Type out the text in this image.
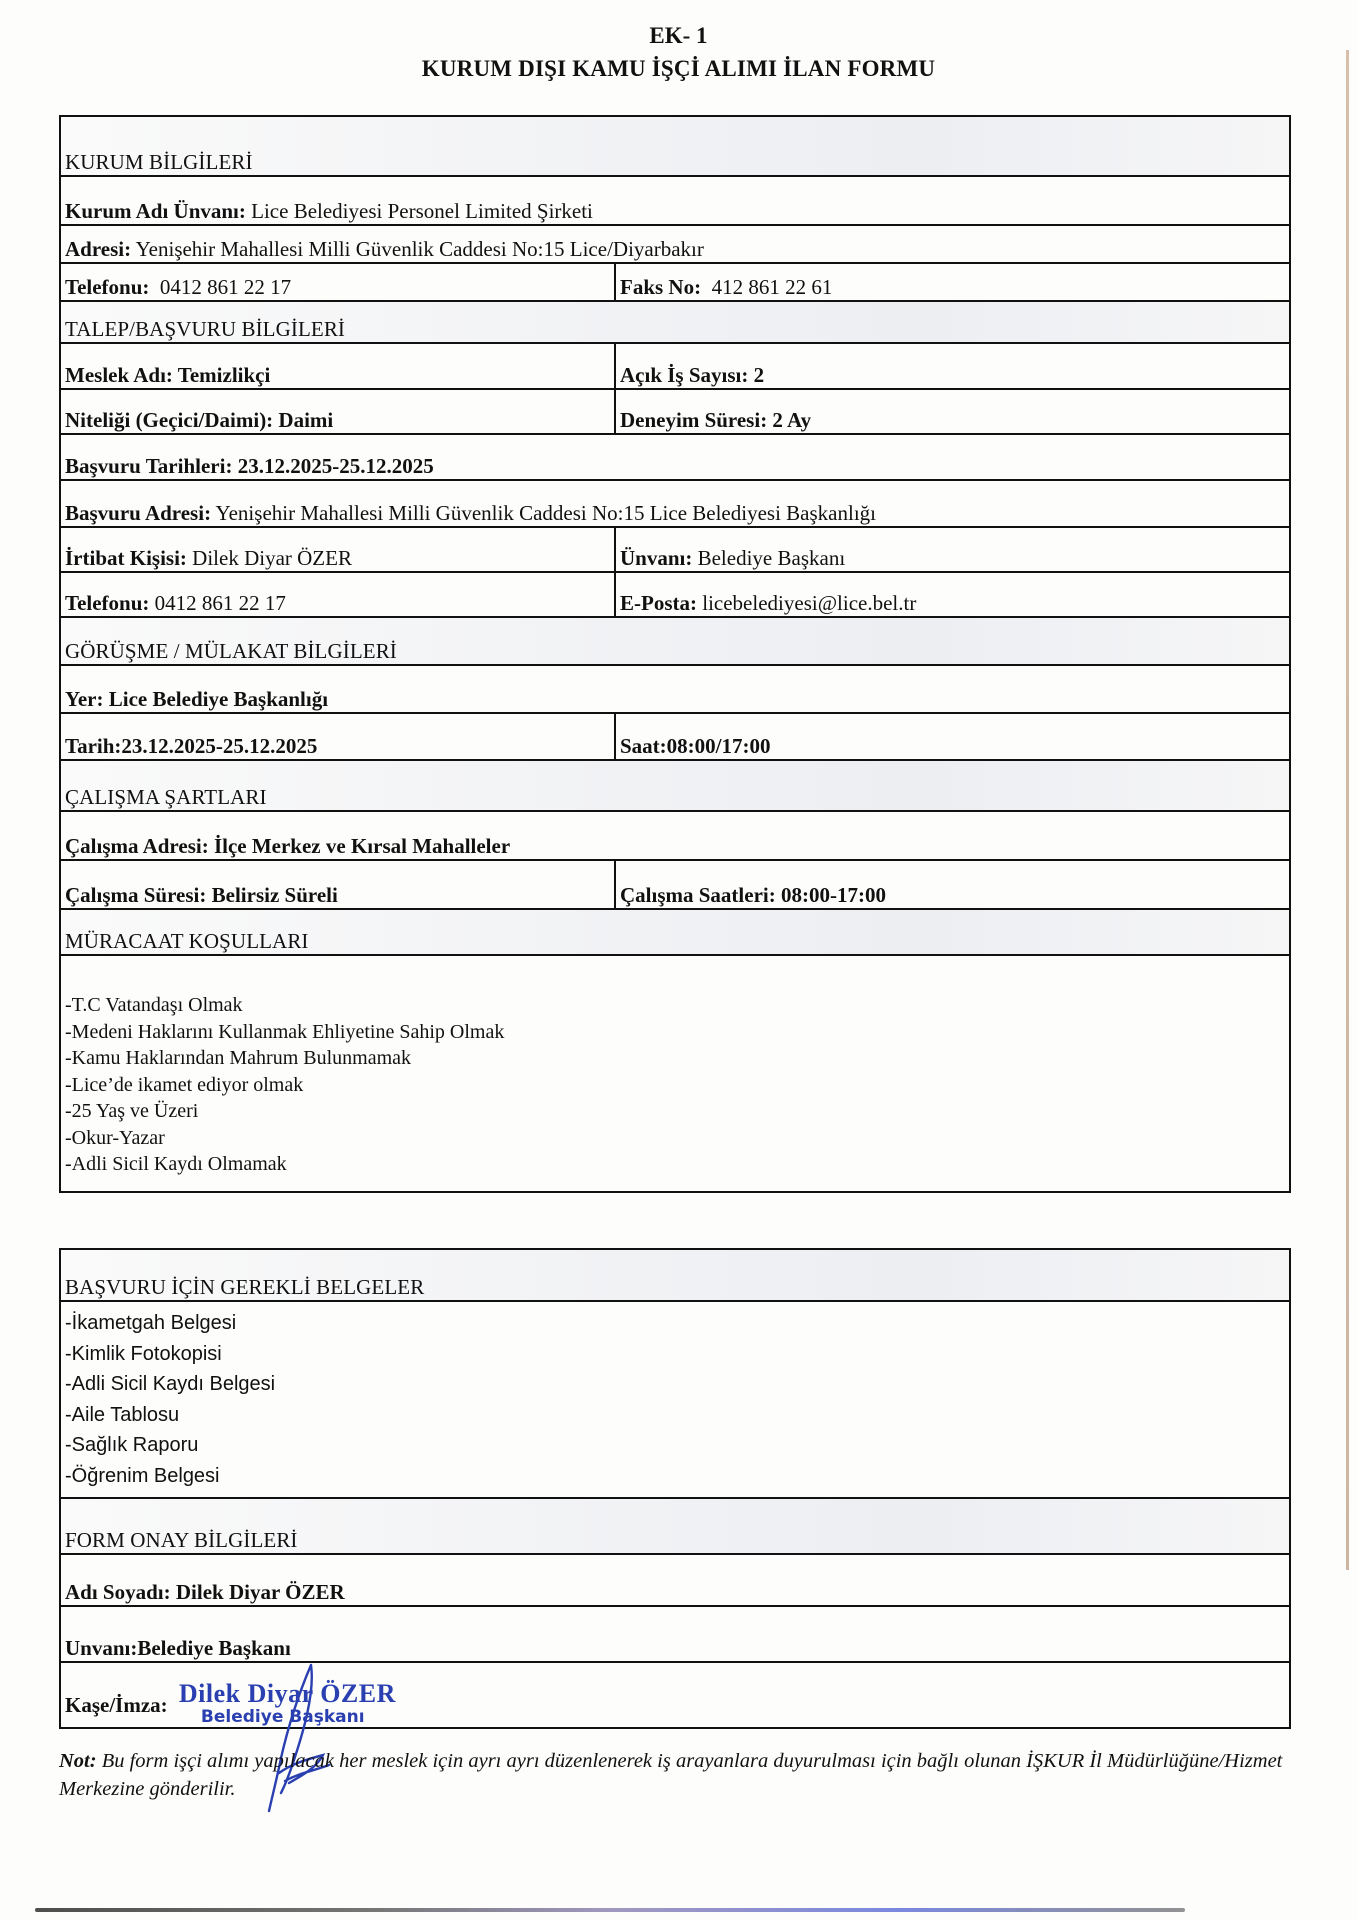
EK- 1
KURUM DIŞI KAMU İŞÇİ ALIMI İLAN FORMU
KURUM BİLGİLERİ	
Kurum Adı Ünvanı: Lice Belediyesi Personel Limited Şirketi	
Adresi: Yenişehir Mahallesi Milli Güvenlik Caddesi No:15 Lice/Diyarbakır	
Telefonu: 0412 861 22 17	Faks No: 412 861 22 61
TALEP/BAŞVURU BİLGİLERİ	
Meslek Adı: Temizlikçi	Açık İş Sayısı: 2
Niteliği (Geçici/Daimi): Daimi	Deneyim Süresi: 2 Ay
Başvuru Tarihleri: 23.12.2025-25.12.2025	
Başvuru Adresi: Yenişehir Mahallesi Milli Güvenlik Caddesi No:15 Lice Belediyesi Başkanlığı	
İrtibat Kişisi: Dilek Diyar ÖZER	Ünvanı: Belediye Başkanı
Telefonu: 0412 861 22 17	E-Posta: licebelediyesi@lice.bel.tr
GÖRÜŞME / MÜLAKAT BİLGİLERİ	
Yer: Lice Belediye Başkanlığı	
Tarih:23.12.2025-25.12.2025	Saat:08:00/17:00
ÇALIŞMA ŞARTLARI	
Çalışma Adresi: İlçe Merkez ve Kırsal Mahalleler	
Çalışma Süresi: Belirsiz Süreli	Çalışma Saatleri: 08:00-17:00
MÜRACAAT KOŞULLARI	

-T.C Vatandaşı Olmak
-Medeni Haklarını Kullanmak Ehliyetine Sahip Olmak
-Kamu Haklarından Mahrum Bulunmamak
-Lice’de ikamet ediyor olmak
-25 Yaş ve Üzeri
-Okur-Yazar
-Adli Sicil Kaydı Olmamak
BAŞVURU İÇİN GEREKLİ BELGELER

-İkametgah Belgesi
-Kimlik Fotokopisi
-Adli Sicil Kaydı Belgesi
-Aile Tablosu
-Sağlık Raporu
-Öğrenim Belgesi

FORM ONAY BİLGİLERİ
Adı Soyadı: Dilek Diyar ÖZER
Unvanı:Belediye Başkanı
Kaşe/İmza: Dilek Diyar ÖZER
Belediye Başkanı
Not: Bu form işçi alımı yapılacak her meslek için ayrı ayrı düzenlenerek iş arayanlara duyurulması için bağlı olunan İŞKUR İl Müdürlüğüne/Hizmet Merkezine gönderilir.
